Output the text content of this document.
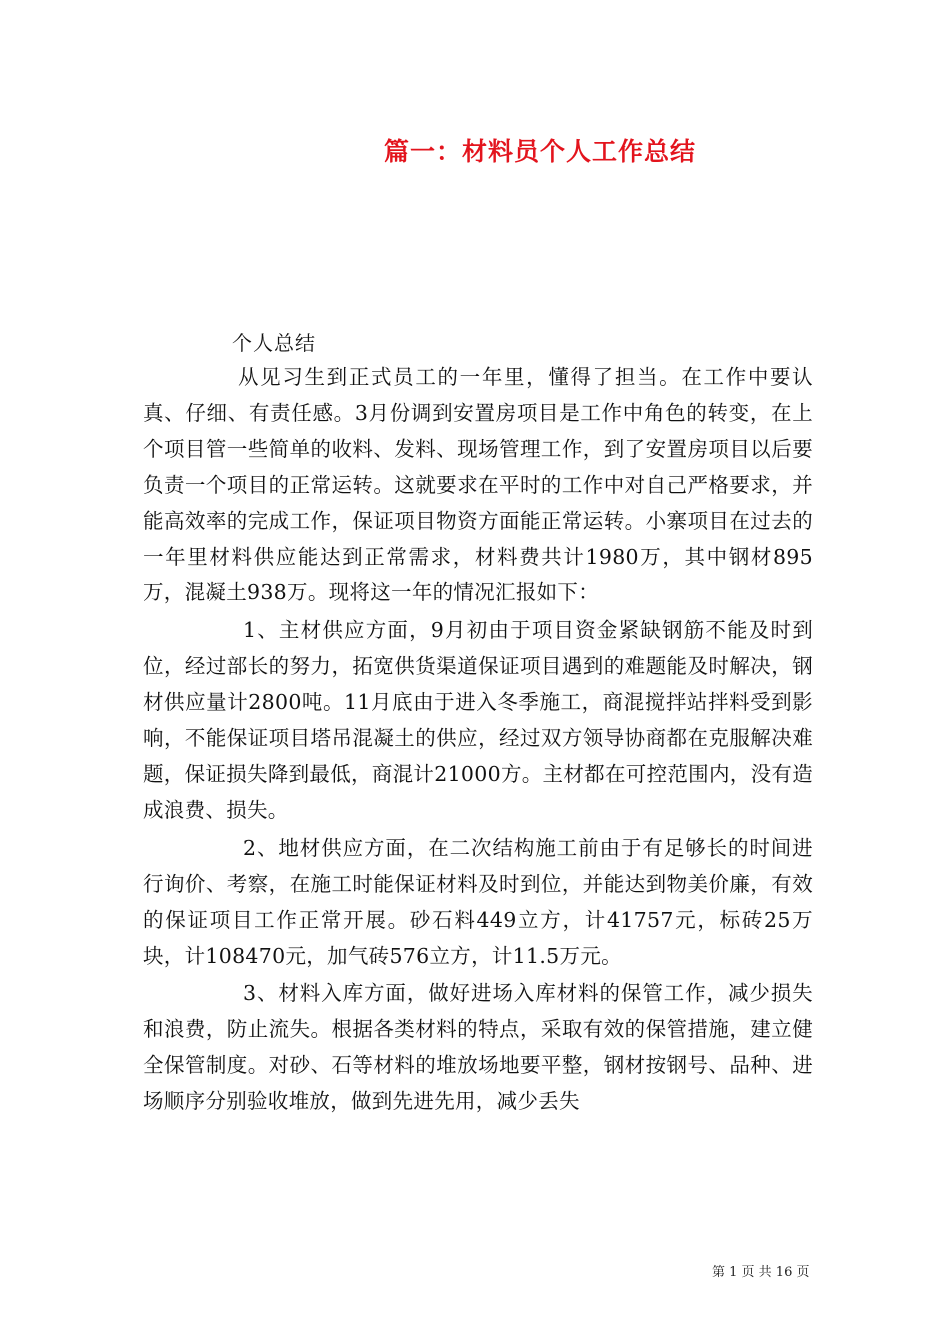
篇一：材料员个人工作总结
个人总结

从见习生到正式员工的一年里，懂得了担当。在工作中要认真、仔细、有责任感。3月份调到安置房项目是工作中角色的转变，在上个项目管一些简单的收料、发料、现场管理工作，到了安置房项目以后要负责一个项目的正常运转。这就要求在平时的工作中对自己严格要求，并能高效率的完成工作，保证项目物资方面能正常运转。小寨项目在过去的一年里材料供应能达到正常需求，材料费共计1980万，其中钢材895万，混凝土938万。现将这一年的情况汇报如下：

1、主材供应方面，9月初由于项目资金紧缺钢筋不能及时到位，经过部长的努力，拓宽供货渠道保证项目遇到的难题能及时解决，钢材供应量计2800吨。11月底由于进入冬季施工，商混搅拌站拌料受到影响，不能保证项目塔吊混凝土的供应，经过双方领导协商都在克服解决难题，保证损失降到最低，商混计21000方。主材都在可控范围内，没有造成浪费、损失。

2、地材供应方面，在二次结构施工前由于有足够长的时间进行询价、考察，在施工时能保证材料及时到位，并能达到物美价廉，有效的保证项目工作正常开展。砂石料449立方，计41757元，标砖25万块，计108470元，加气砖576立方，计11.5万元。

3、材料入库方面，做好进场入库材料的保管工作，减少损失和浪费，防止流失。根据各类材料的特点，采取有效的保管措施，建立健全保管制度。对砂、石等材料的堆放场地要平整，钢材按钢号、品种、进场顺序分别验收堆放，做到先进先用，减少丢失

第 1 页 共 16 页
